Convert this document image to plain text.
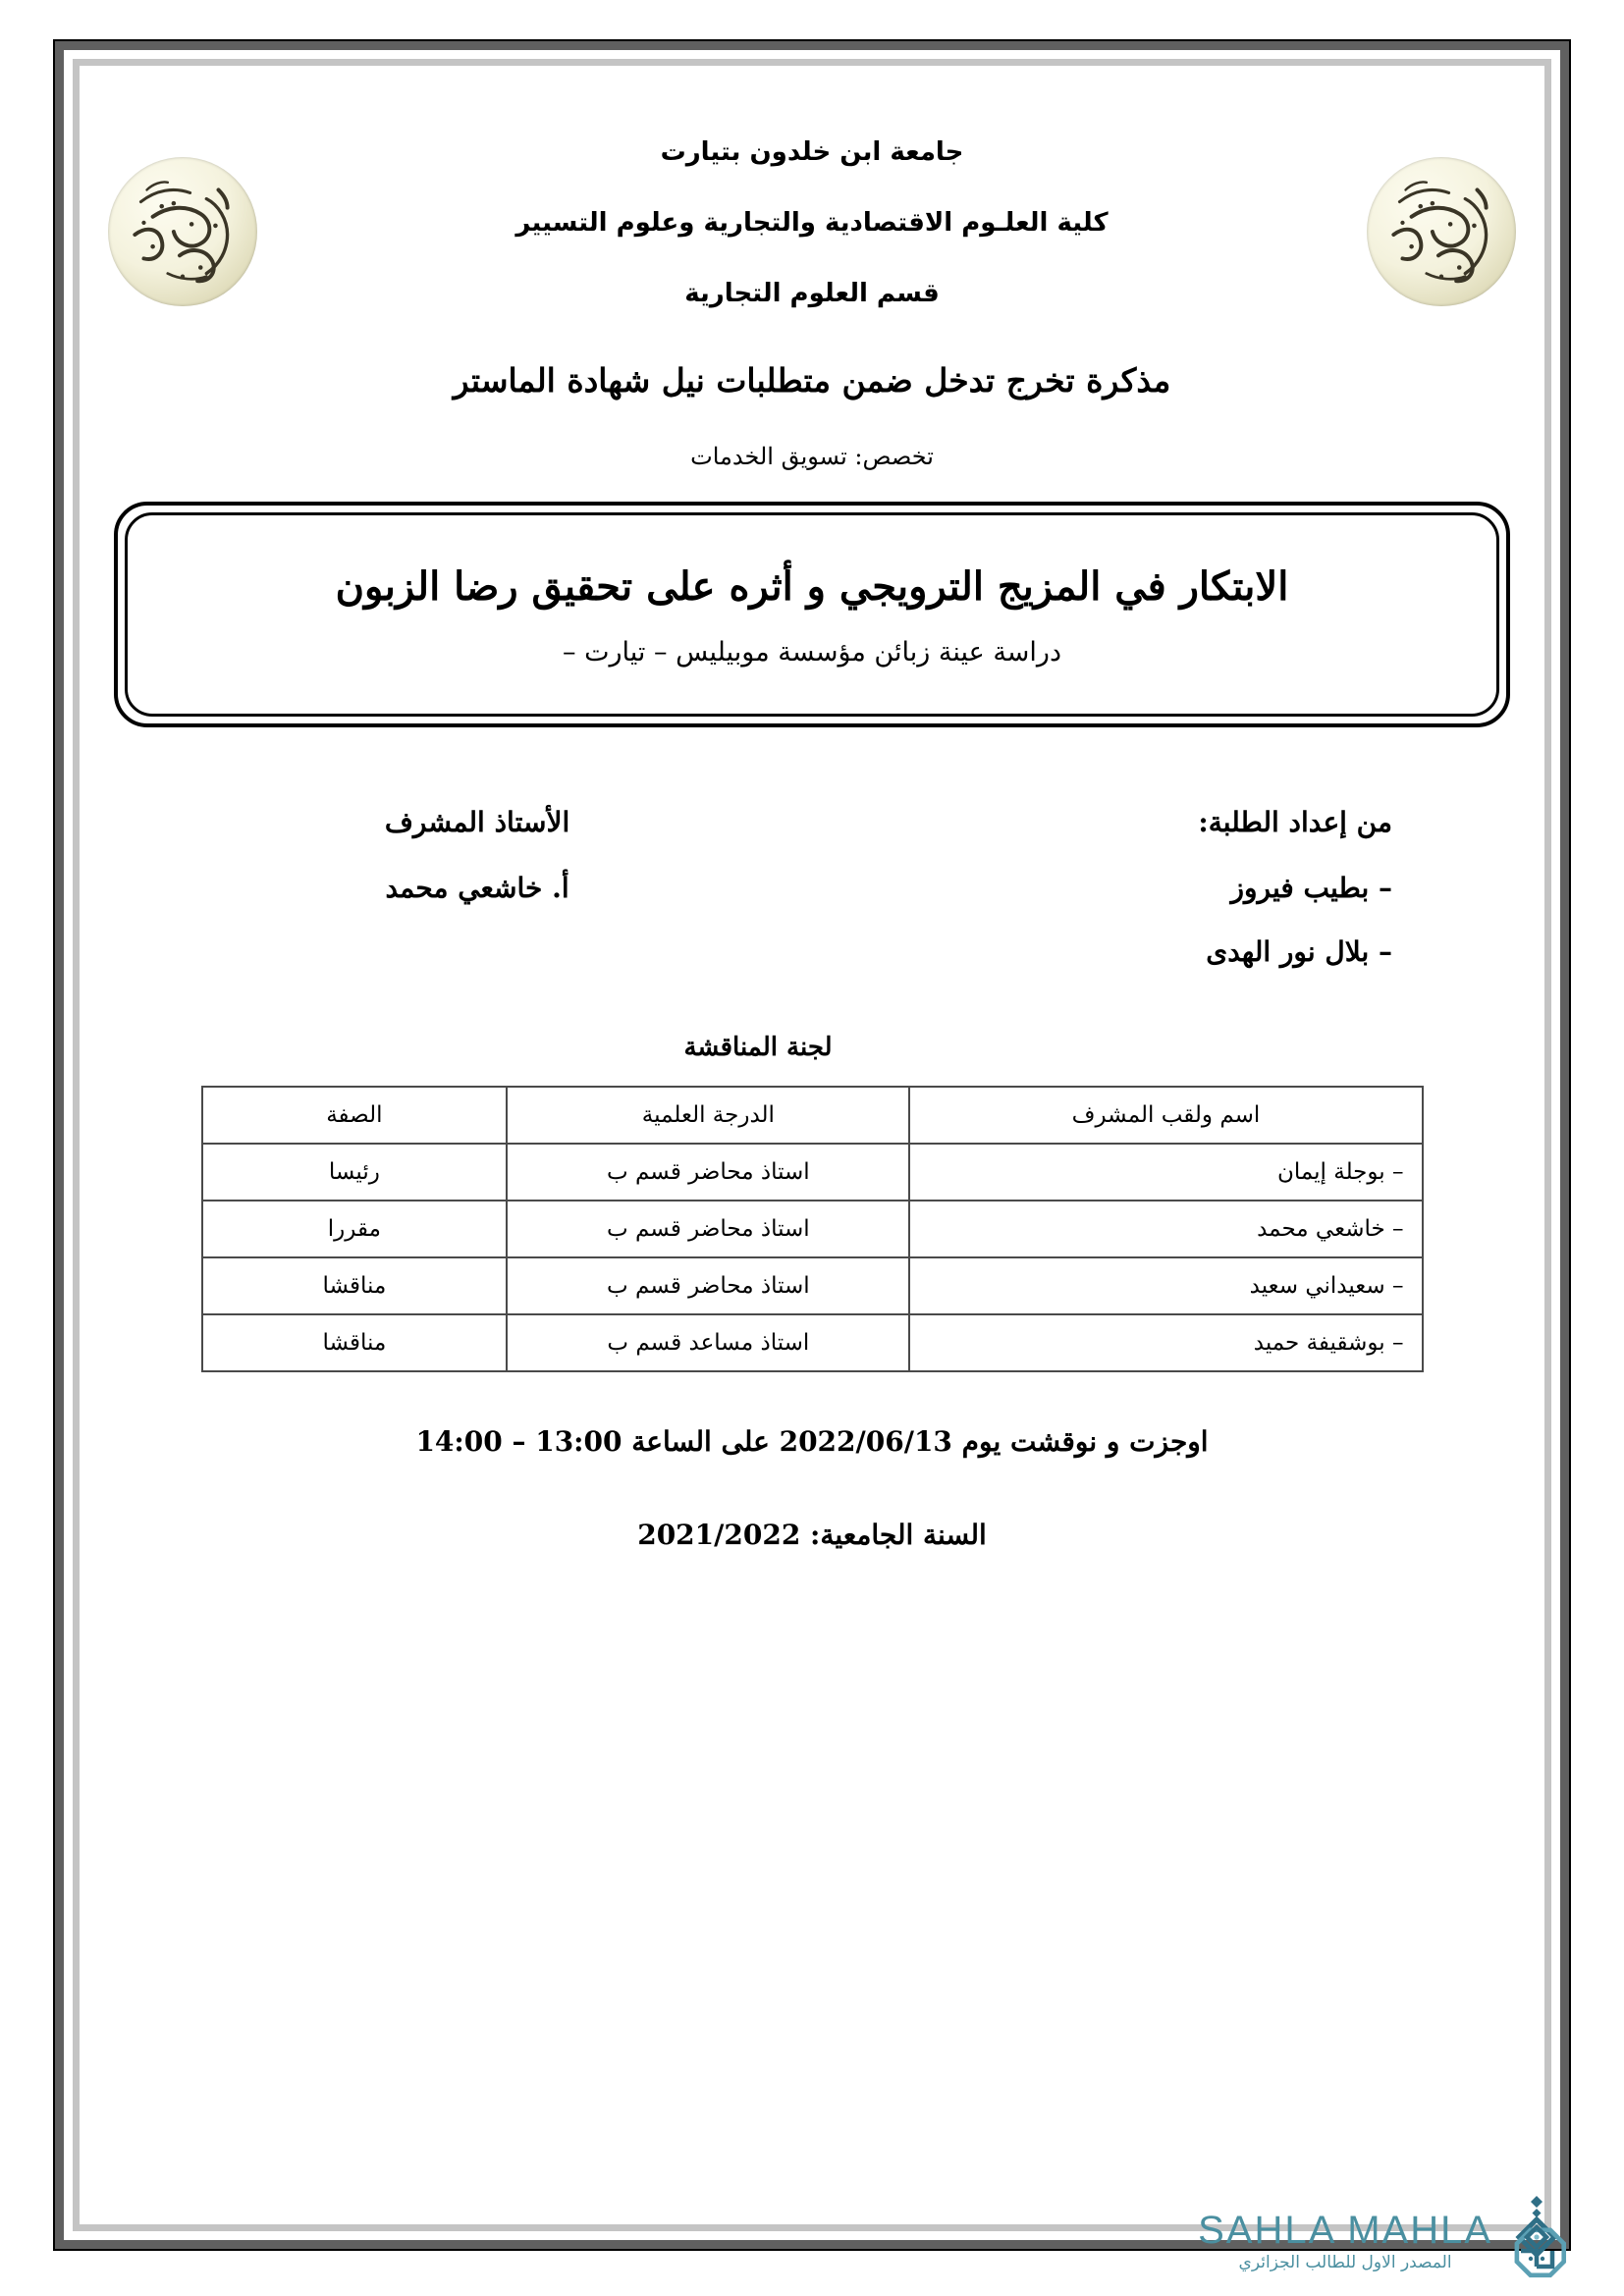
جامعة ابن خلدون بتيارت
كلية العلـوم الاقتصادية والتجارية وعلوم التسيير
قسم العلوم التجارية
مذكرة تخرج تدخل ضمن متطلبات نيل شهادة الماستر
تخصص: تسويق الخدمات
الابتكار في المزيج الترويجي و أثره على تحقيق رضا الزبون
دراسة عينة زبائن مؤسسة موبيليس – تيارت –
من إعداد الطلبة:
– بطيب فيروز
– بلال نور الهدى
الأستاذ المشرف
أ. خاشعي محمد
لجنة المناقشة
اسم ولقب المشرف	الدرجة العلمية	الصفة
– بوجلة إيمان	استاذ محاضر قسم ب	رئيسا
– خاشعي محمد	استاذ محاضر قسم ب	مقررا
– سعيداني سعيد	استاذ محاضر قسم ب	مناقشا
– بوشقيفة حميد	استاذ مساعد قسم ب	مناقشا
اوجزت و نوقشت يوم 2022/06/13 على الساعة 13:00 – 14:00
السنة الجامعية: 2021/2022
SAHLA MAHLA
المصدر الاول للطالب الجزائري
